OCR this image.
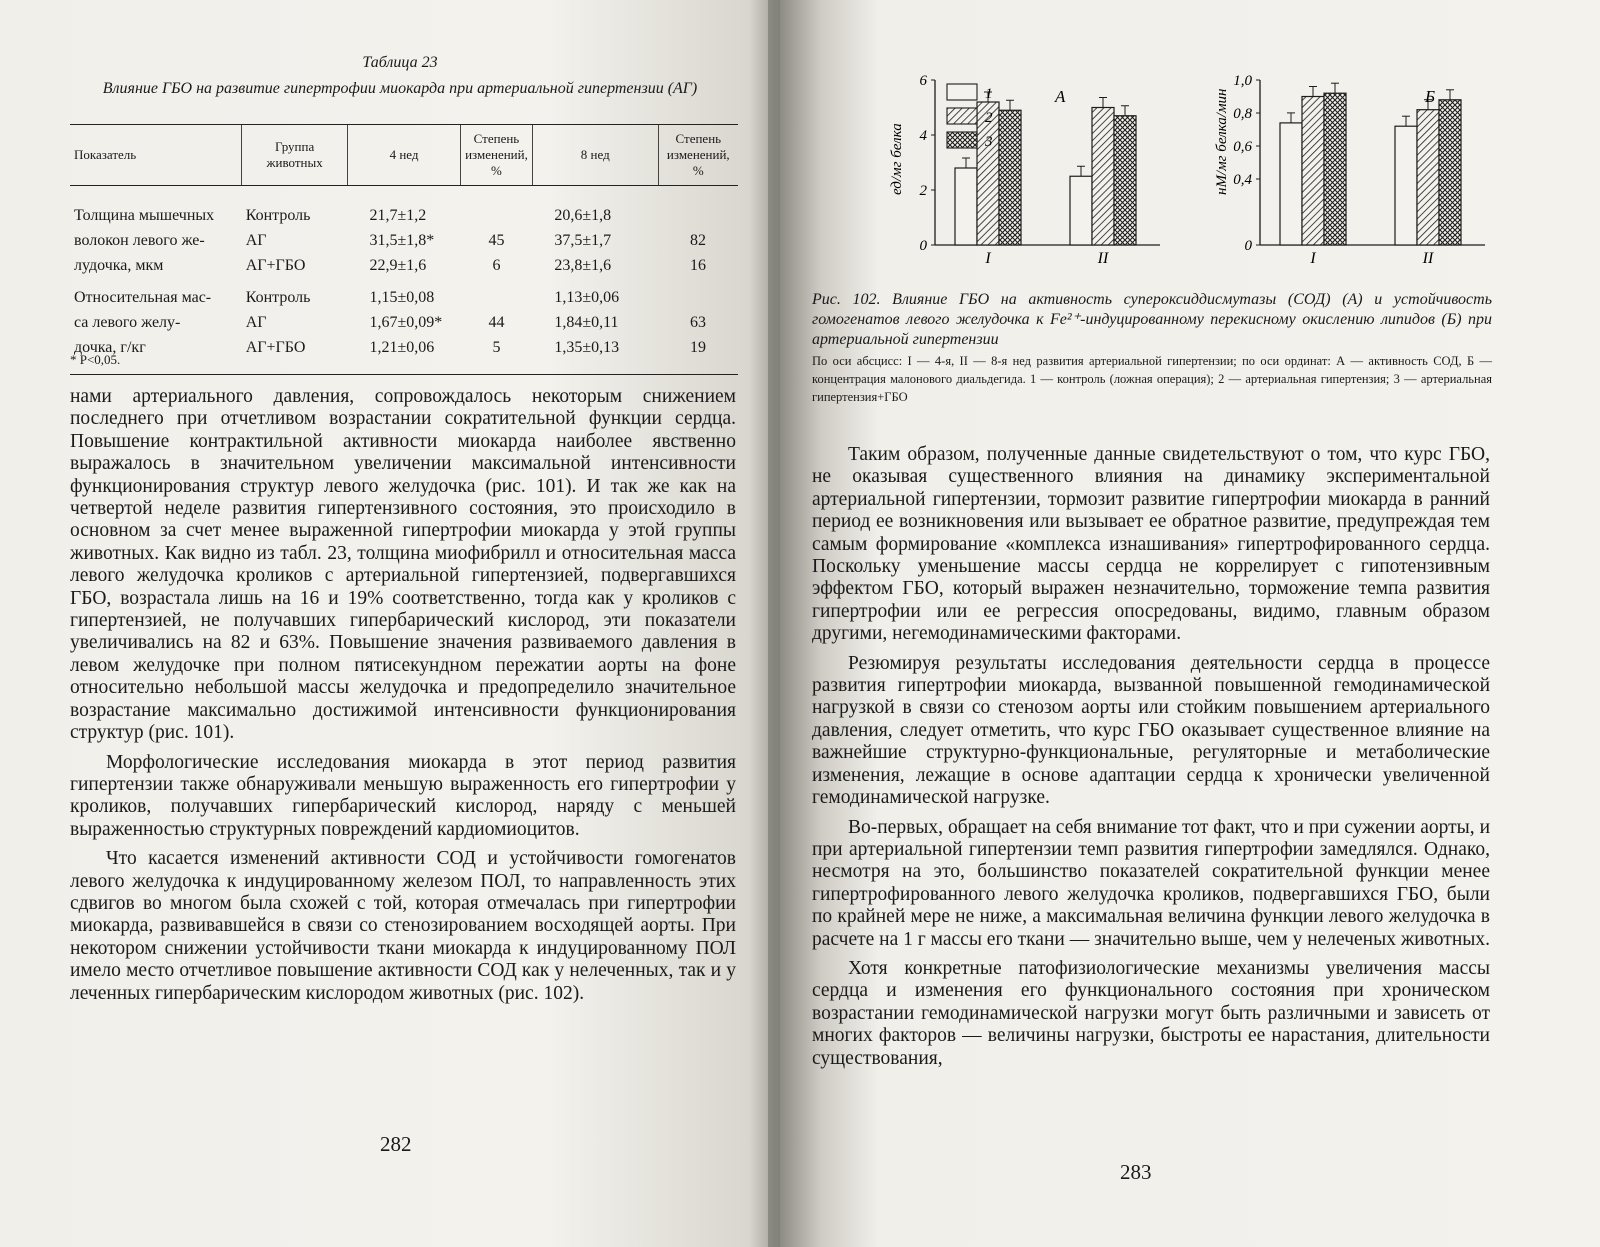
Таблица 23
Влияние ГБО на развитие гипертрофии миокарда при артериальной гипертензии (АГ)
Показатель	Группа животных	4 нед	Степень изменений, %	8 нед	Степень изменений, %
Толщина мышечных	Контроль	21,7±1,2		20,6±1,8	
волокон левого же-	АГ	31,5±1,8*	45	37,5±1,7	82
лудочка, мкм	АГ+ГБО	22,9±1,6	6	23,8±1,6	16
Относительная мас-	Контроль	1,15±0,08		1,13±0,06	
са левого желу-	АГ	1,67±0,09*	44	1,84±0,11	63
дочка, г/кг	АГ+ГБО	1,21±0,06	5	1,35±0,13	19
* Р<0,05.

нами артериального давления, сопровождалось некоторым снижением последнего при отчетливом возрастании сократительной функции сердца. Повышение контрактильной активности миокарда наиболее явственно выражалось в значительном увеличении максимальной интенсивности функционирования структур левого желудочка (рис. 101). И так же как на четвертой неделе развития гипертензивного состояния, это происходило в основном за счет менее выраженной гипертрофии миокарда у этой группы животных. Как видно из табл. 23, толщина миофибрилл и относительная масса левого желудочка кроликов с артериальной гипертензией, подвергавшихся ГБО, возрастала лишь на 16 и 19% соответственно, тогда как у кроликов с гипертензией, не получавших гипербарический кислород, эти показатели увеличивались на 82 и 63%. Повышение значения развиваемого давления в левом желудочке при полном пятисекундном пережатии аорты на фоне относительно небольшой массы желудочка и предопределило значительное возрастание максимально достижимой интенсивности функционирования структур (рис. 101).

Морфологические исследования миокарда в этот период развития гипертензии также обнаруживали меньшую выраженность его гипертрофии у кроликов, получавших гипербарический кислород, наряду с меньшей выраженностью структурных повреждений кардиомиоцитов.

Что касается изменений активности СОД и устойчивости гомогенатов левого желудочка к индуцированному железом ПОЛ, то направленность этих сдвигов во многом была схожей с той, которая отмечалась при гипертрофии миокарда, развивавшейся в связи со стенозированием восходящей аорты. При некотором снижении устойчивости ткани миокарда к индуцированному ПОЛ имело место отчетливое повышение активности СОД как у нелеченных, так и у леченных гипербарическим кислородом животных (рис. 102).

282
0
2
4
6
ед/мг белка
I	II
А
1
2
3
0
0,4
0,6
0,8
1,0
нМ/мг белка/мин
I	II
Б
Рис. 102. Влияние ГБО на активность супероксиддисмутазы (СОД) (А) и устойчивость гомогенатов левого желудочка к Fe²⁺-индуцированному перекисному окислению липидов (Б) при артериальной гипертензии
По оси абсцисс: I — 4-я, II — 8-я нед развития артериальной гипертензии; по оси ординат: А — активность СОД, Б — концентрация малонового диальдегида. 1 — контроль (ложная операция); 2 — артериальная гипертензия; 3 — артериальная гипертензия+ГБО

Таким образом, полученные данные свидетельствуют о том, что курс ГБО, не оказывая существенного влияния на динамику экспериментальной артериальной гипертензии, тормозит развитие гипертрофии миокарда в ранний период ее возникновения или вызывает ее обратное развитие, предупреждая тем самым формирование «комплекса изнашивания» гипертрофированного сердца. Поскольку уменьшение массы сердца не коррелирует с гипотензивным эффектом ГБО, который выражен незначительно, торможение темпа развития гипертрофии или ее регрессия опосредованы, видимо, главным образом другими, негемодинамическими факторами.

Резюмируя результаты исследования деятельности сердца в процессе развития гипертрофии миокарда, вызванной повышенной гемодинамической нагрузкой в связи со стенозом аорты или стойким повышением артериального давления, следует отметить, что курс ГБО оказывает существенное влияние на важнейшие структурно-функциональные, регуляторные и метаболические изменения, лежащие в основе адаптации сердца к хронически увеличенной гемодинамической нагрузке.

Во-первых, обращает на себя внимание тот факт, что и при сужении аорты, и при артериальной гипертензии темп развития гипертрофии замедлялся. Однако, несмотря на это, большинство показателей сократительной функции менее гипертрофированного левого желудочка кроликов, подвергавшихся ГБО, были по крайней мере не ниже, а максимальная величина функции левого желудочка в расчете на 1 г массы его ткани — значительно выше, чем у нелеченых животных.

Хотя конкретные патофизиологические механизмы увеличения массы сердца и изменения его функционального состояния при хроническом возрастании гемодинамической нагрузки могут быть различными и зависеть от многих факторов — величины нагрузки, быстроты ее нарастания, длительности существования,

283
